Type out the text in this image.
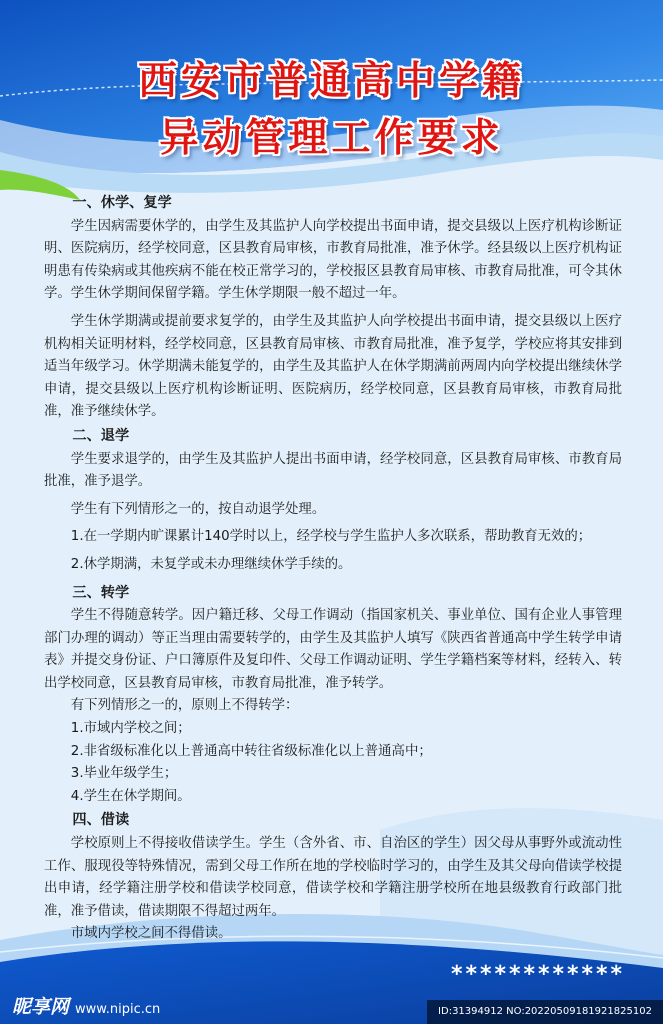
西安市普通高中学籍
异动管理工作要求

一、休学、复学

学生因病需要休学的，由学生及其监护人向学校提出书面申请，提交县级以上医疗机构诊断证明、医院病历，经学校同意，区县教育局审核，市教育局批准，准予休学。经县级以上医疗机构证明患有传染病或其他疾病不能在校正常学习的，学校报区县教育局审核、市教育局批准，可令其休学。学生休学期间保留学籍。学生休学期限一般不超过一年。

学生休学期满或提前要求复学的，由学生及其监护人向学校提出书面申请，提交县级以上医疗机构相关证明材料，经学校同意，区县教育局审核、市教育局批准，准予复学，学校应将其安排到适当年级学习。休学期满未能复学的，由学生及其监护人在休学期满前两周内向学校提出继续休学申请，提交县级以上医疗机构诊断证明、医院病历，经学校同意，区县教育局审核，市教育局批准，准予继续休学。

二、退学

学生要求退学的，由学生及其监护人提出书面申请，经学校同意，区县教育局审核、市教育局批准，准予退学。

学生有下列情形之一的，按自动退学处理。

1.在一学期内旷课累计140学时以上，经学校与学生监护人多次联系，帮助教育无效的；

2.休学期满，未复学或未办理继续休学手续的。

三、转学

学生不得随意转学。因户籍迁移、父母工作调动（指国家机关、事业单位、国有企业人事管理部门办理的调动）等正当理由需要转学的，由学生及其监护人填写《陕西省普通高中学生转学申请表》并提交身份证、户口簿原件及复印件、父母工作调动证明、学生学籍档案等材料，经转入、转出学校同意，区县教育局审核，市教育局批准，准予转学。

有下列情形之一的，原则上不得转学：

1.市域内学校之间；

2.非省级标准化以上普通高中转往省级标准化以上普通高中；

3.毕业年级学生；

4.学生在休学期间。

四、借读

学校原则上不得接收借读学生。学生（含外省、市、自治区的学生）因父母从事野外或流动性工作、服现役等特殊情况，需到父母工作所在地的学校临时学习的，由学生及其父母向借读学校提出申请，经学籍注册学校和借读学校同意，借读学校和学籍注册学校所在地县级教育行政部门批准，准予借读，借读期限不得超过两年。

市域内学校之间不得借读。

************
昵享网 www.nipic.cn	ID:31394912 NO:20220509181921825102
